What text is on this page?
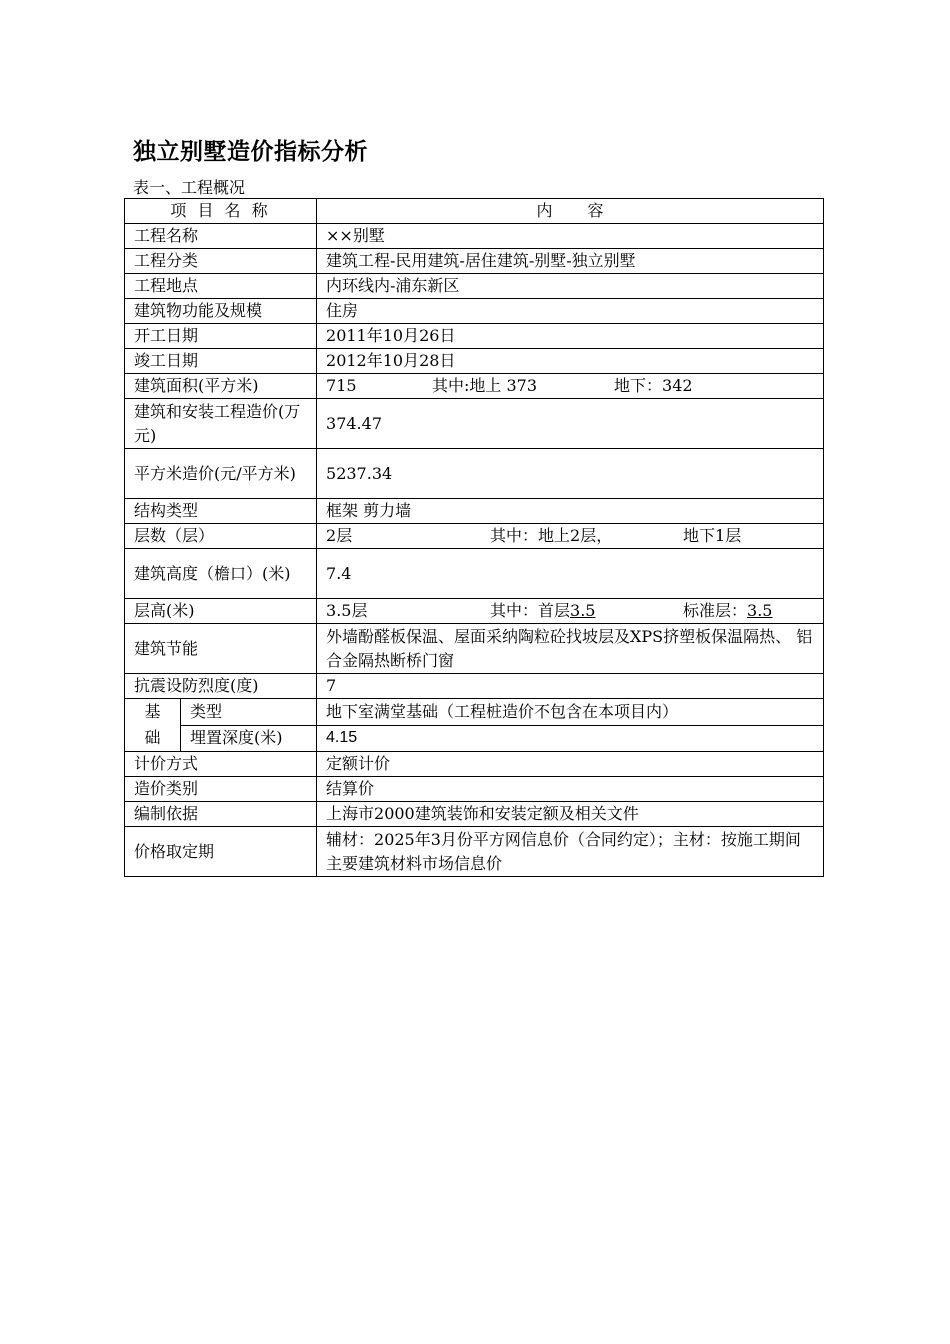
独立别墅造价指标分析
表一、工程概况
项 目 名 称		内 容
工程名称		××别墅
工程分类		建筑工程-民用建筑-居住建筑-别墅-独立别墅
工程地点		内环线内-浦东新区
建筑物功能及规模		住房
开工日期		2011年10月26日
竣工日期		2012年10月28日
建筑面积(平方米)		715 其中:地上 373 地下：342
建筑和安装工程造价(万元)		374.47
平方米造价(元/平方米)		5237.34
结构类型		框架 剪力墙
层数（层）		2层 其中：地上2层， 地下1层
建筑高度（檐口）(米)		7.4
层高(米)		3.5层 其中：首层3.5 标准层：3.5
建筑节能		外墙酚醛板保温、屋面采纳陶粒砼找坡层及XPS挤塑板保温隔热、 铝合金隔热断桥门窗
抗震设防烈度(度)		7

基础	类型	地下室满堂基础（工程桩造价不包含在本项目内）
	埋置深度(米)	4.15
计价方式		定额计价
造价类别		结算价
编制依据		上海市2000建筑装饰和安装定额及相关文件
价格取定期		辅材：2025年3月份平方网信息价（合同约定）；主材：按施工期间主要建筑材料市场信息价
